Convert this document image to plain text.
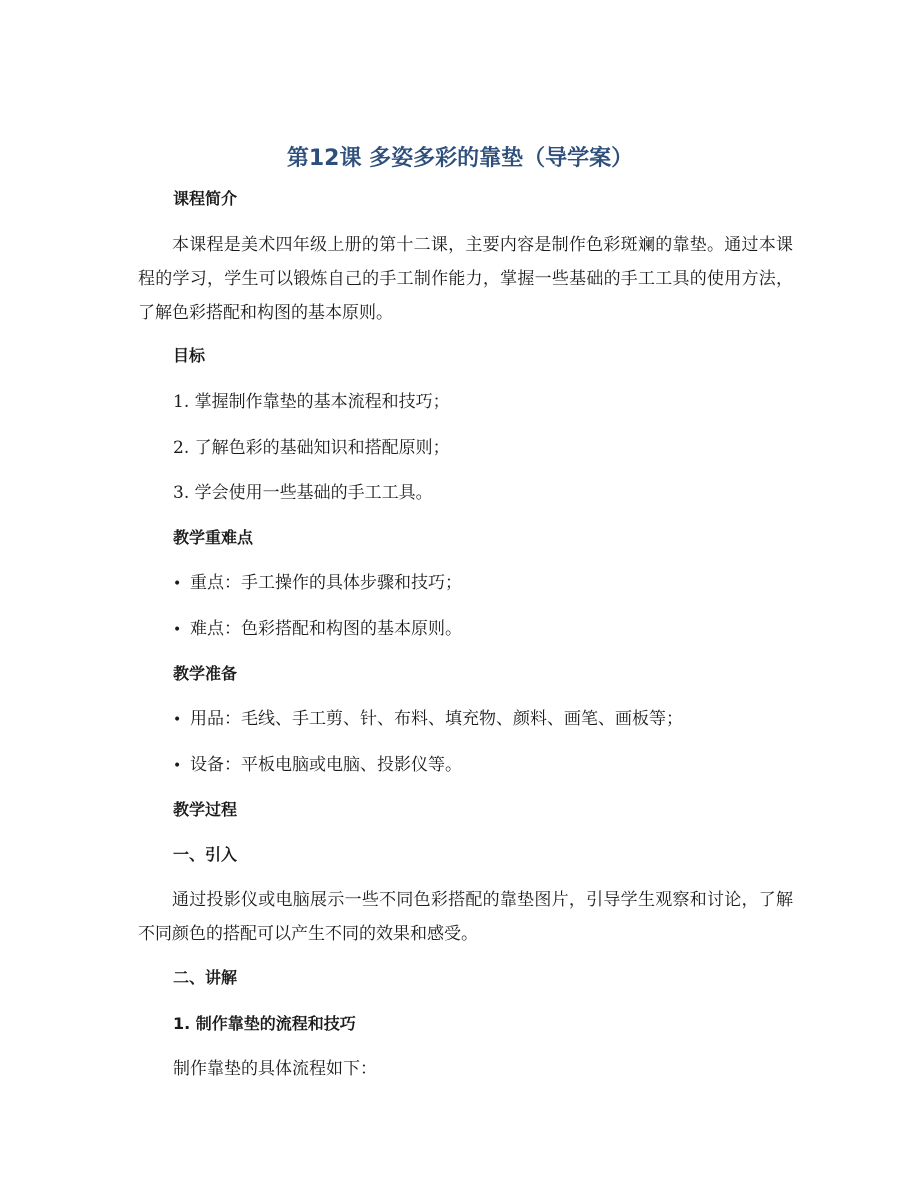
第12课 多姿多彩的靠垫（导学案）
课程简介

本课程是美术四年级上册的第十二课，主要内容是制作色彩斑斓的靠垫。通过本课程的学习，学生可以锻炼自己的手工制作能力，掌握一些基础的手工工具的使用方法，了解色彩搭配和构图的基本原则。

目标

1. 掌握制作靠垫的基本流程和技巧；

2. 了解色彩的基础知识和搭配原则；

3. 学会使用一些基础的手工工具。

教学重难点
• 重点：手工操作的具体步骤和技巧；
• 难点：色彩搭配和构图的基本原则。
教学准备
• 用品：毛线、手工剪、针、布料、填充物、颜料、画笔、画板等；
• 设备：平板电脑或电脑、投影仪等。
教学过程
一、引入

通过投影仪或电脑展示一些不同色彩搭配的靠垫图片，引导学生观察和讨论，了解不同颜色的搭配可以产生不同的效果和感受。

二、讲解
1. 制作靠垫的流程和技巧

制作靠垫的具体流程如下：
